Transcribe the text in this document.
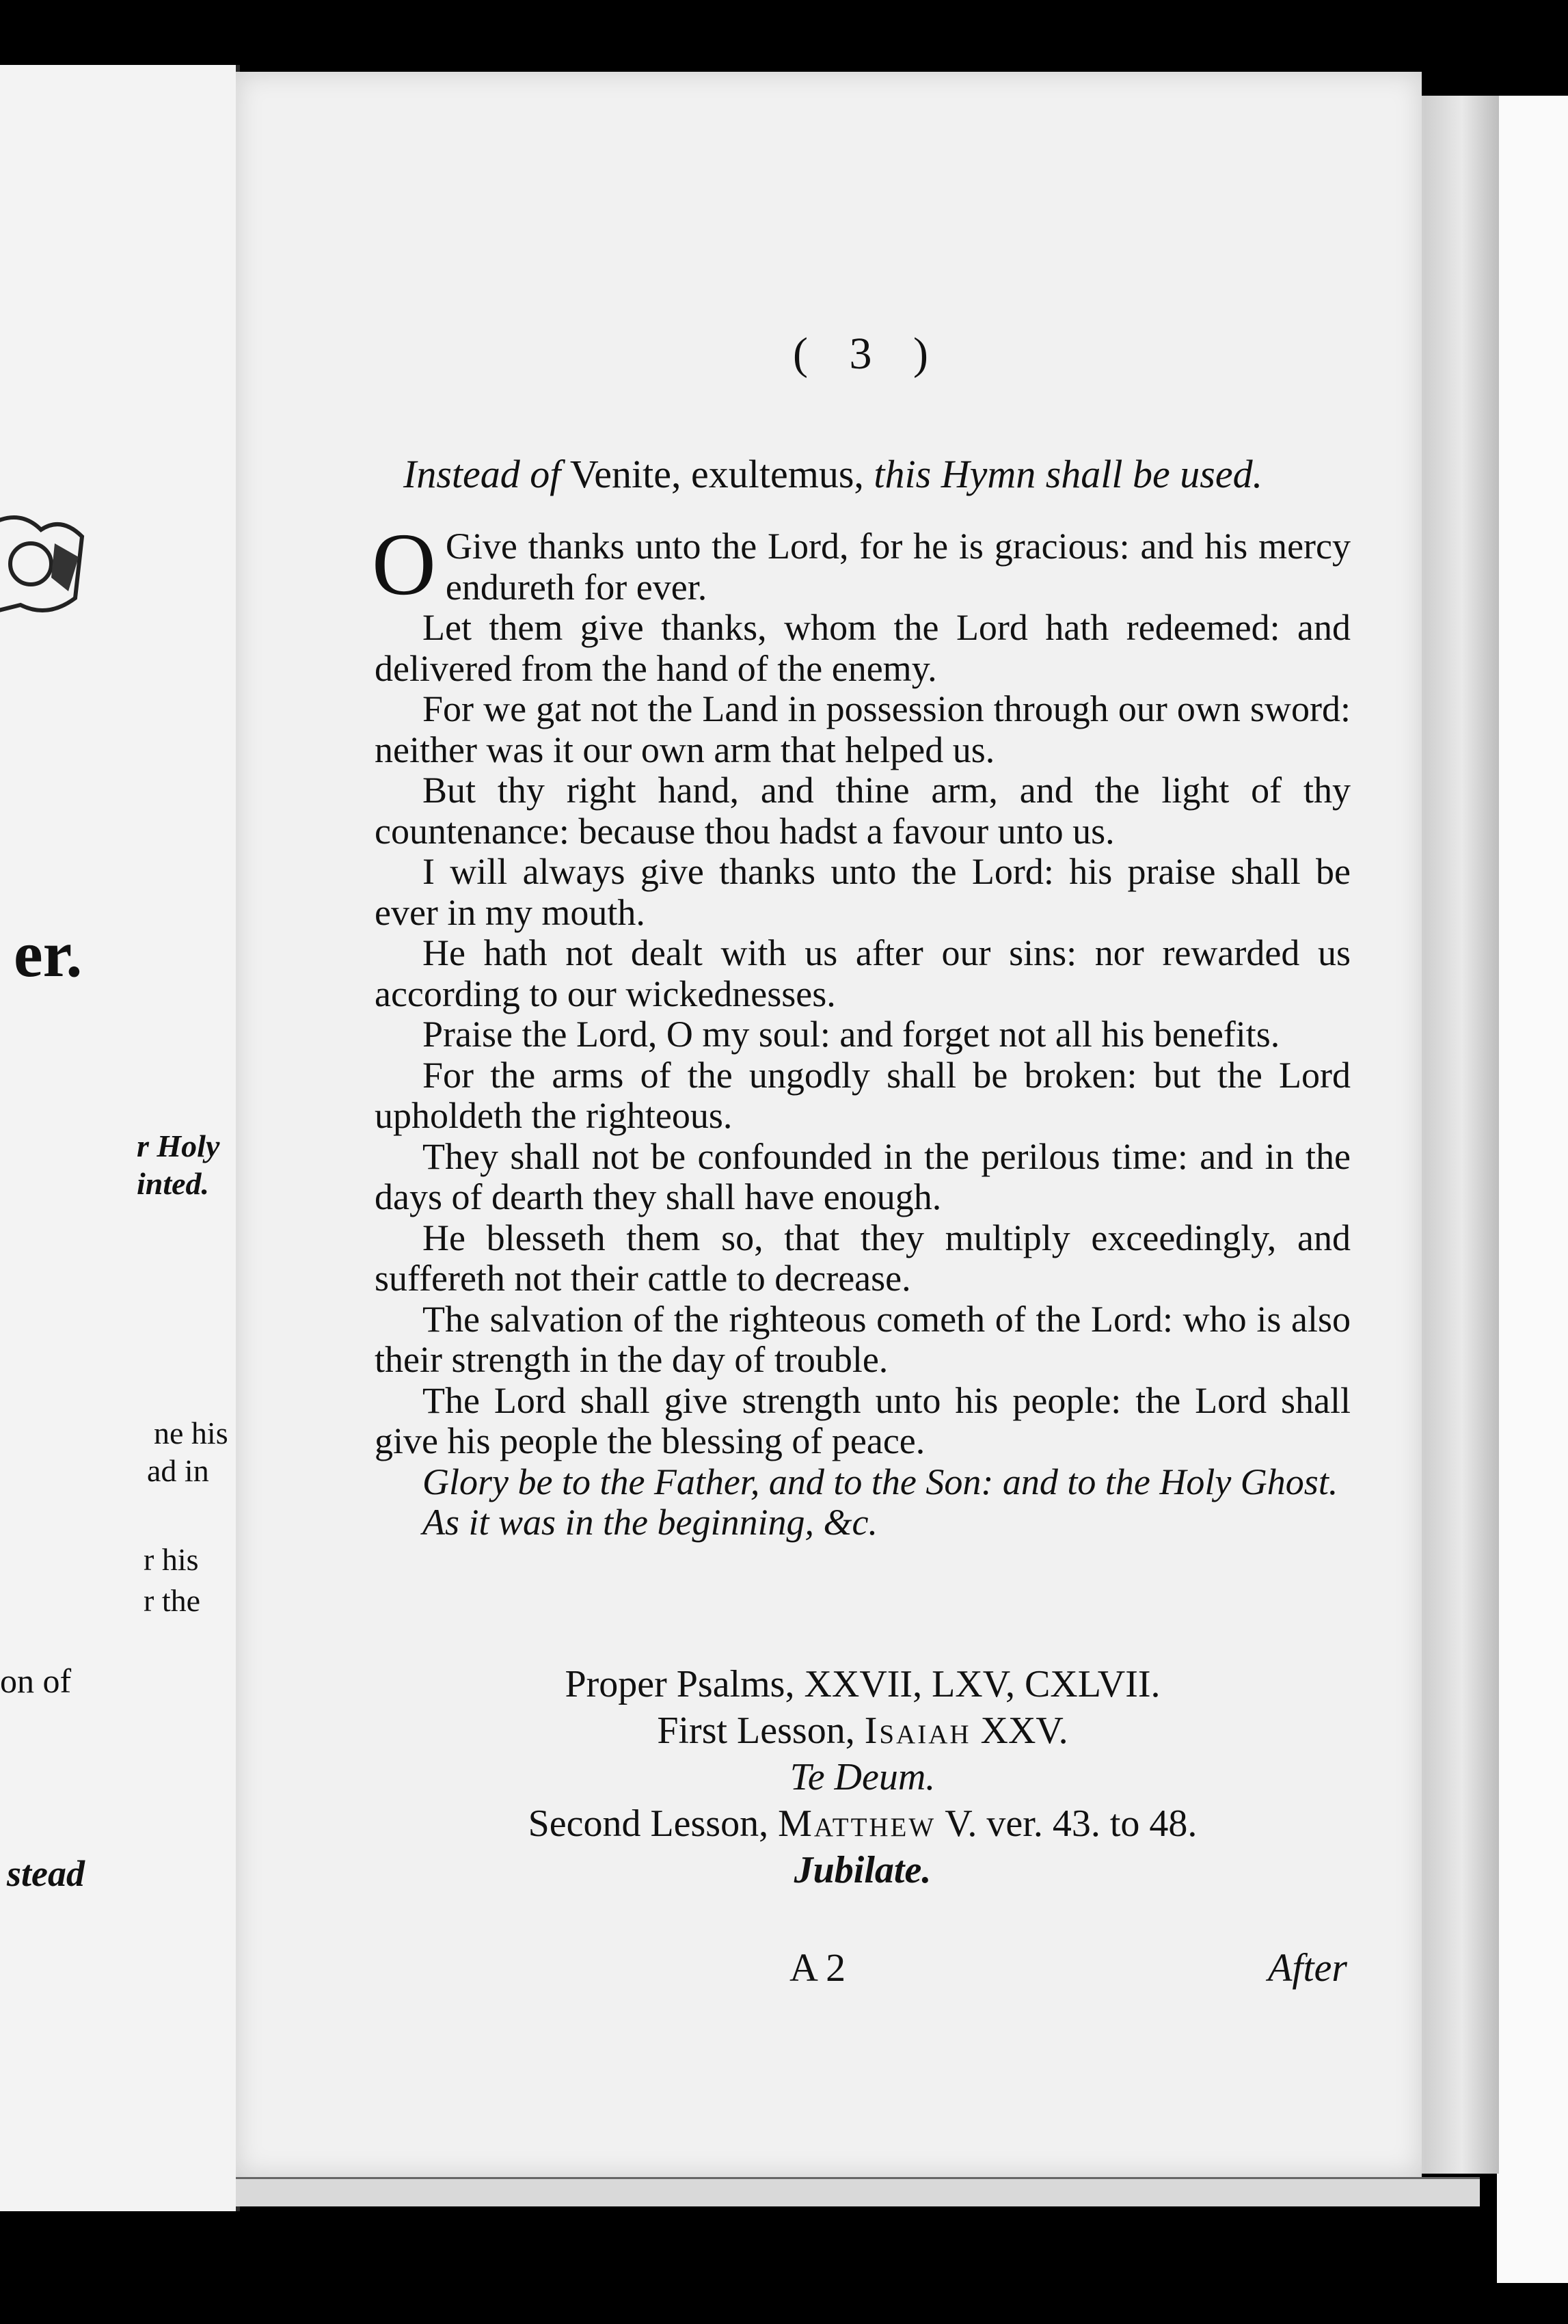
er.
r Holy
inted.
ne his
ad in
r his
r the
on of
stead
( 3 )
Instead of Venite, exultemus, this Hymn shall be used.

O Give thanks unto the Lord, for he is gracious: and his mercy endureth for ever.

Let them give thanks, whom the Lord hath redeemed: and delivered from the hand of the enemy.

For we gat not the Land in possession through our own sword: neither was it our own arm that helped us.

But thy right hand, and thine arm, and the light of thy countenance: because thou hadst a favour unto us.

I will always give thanks unto the Lord: his praise shall be ever in my mouth.

He hath not dealt with us after our sins: nor rewarded us according to our wickednesses.

Praise the Lord, O my soul: and forget not all his benefits.

For the arms of the ungodly shall be broken: but the Lord upholdeth the righteous.

They shall not be confounded in the perilous time: and in the days of dearth they shall have enough.

He blesseth them so, that they multiply exceedingly, and suffereth not their cattle to decrease.

The salvation of the righteous cometh of the Lord: who is also their strength in the day of trouble.

The Lord shall give strength unto his people: the Lord shall give his people the blessing of peace.

Glory be to the Father, and to the Son: and to the Holy Ghost.

As it was in the beginning, &c.

Proper Psalms, XXVII, LXV, CXLVII.
First Lesson, Isaiah XXV.
Te Deum.
Second Lesson, Matthew V. ver. 43. to 48.
Jubilate.
A 2	After
